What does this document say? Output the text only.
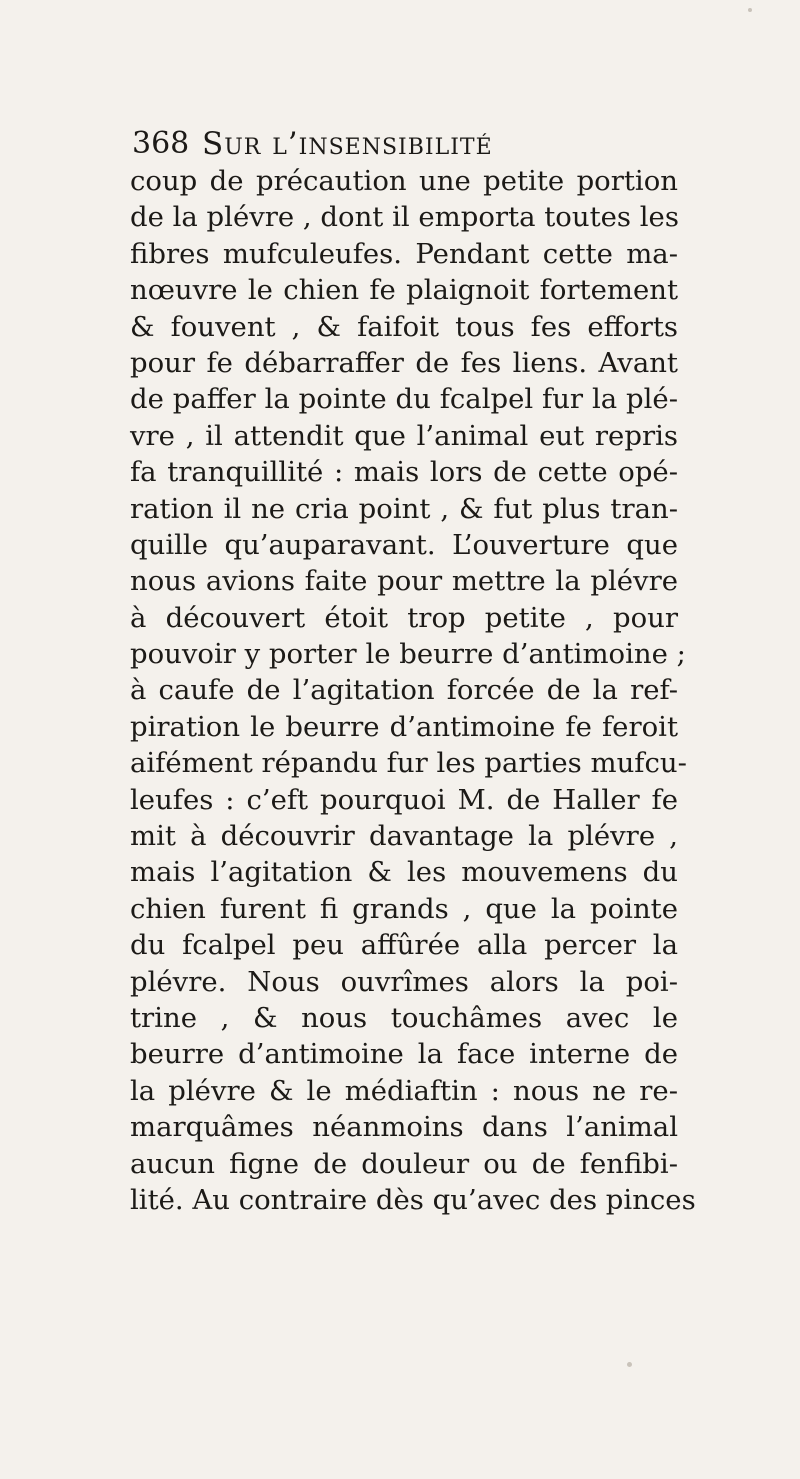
368 Sur l’insensibilité
coup de précaution une petite portion
de la plévre , dont il emporta toutes les
fibres mufculeufes. Pendant cette ma-
nœuvre le chien fe plaignoit fortement
& fouvent , & faifoit tous fes efforts
pour fe débarraffer de fes liens. Avant
de paffer la pointe du fcalpel fur la plé-
vre , il attendit que l’animal eut repris
fa tranquillité : mais lors de cette opé-
ration il ne cria point , & fut plus tran-
quille qu’auparavant. L’ouverture que
nous avions faite pour mettre la plévre
à découvert étoit trop petite , pour
pouvoir y porter le beurre d’antimoine ;
à caufe de l’agitation forcée de la ref-
piration le beurre d’antimoine fe feroit
aifément répandu fur les parties mufcu-
leufes : c’eft pourquoi M. de Haller fe
mit à découvrir davantage la plévre ,
mais l’agitation & les mouvemens du
chien furent fi grands , que la pointe
du fcalpel peu affûrée alla percer la
plévre. Nous ouvrîmes alors la poi-
trine , & nous touchâmes avec le
beurre d’antimoine la face interne de
la plévre & le médiaftin : nous ne re-
marquâmes néanmoins dans l’animal
aucun figne de douleur ou de fenfibi-
lité. Au contraire dès qu’avec des pinces
